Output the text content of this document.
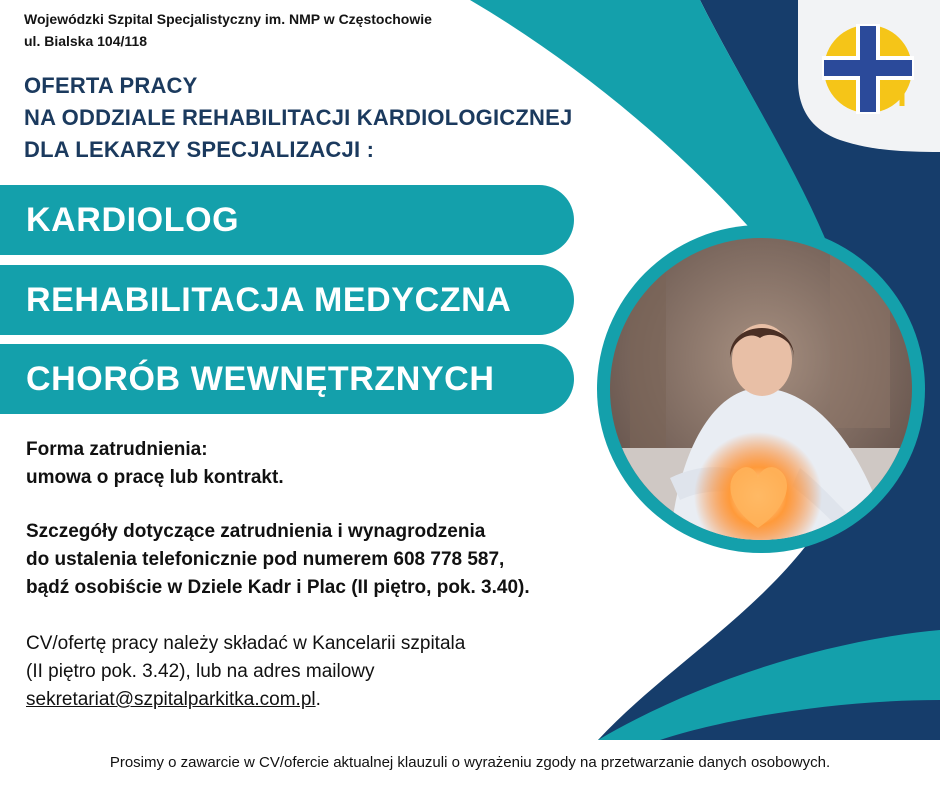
Wojewódzki Szpital Specjalistyczny im. NMP w Częstochowie
ul. Bialska 104/118
OFERTA PRACY
NA ODDZIALE REHABILITACJI KARDIOLOGICZNEJ
DLA LEKARZY SPECJALIZACJI :
KARDIOLOG
REHABILITACJA MEDYCZNA
CHORÓB WEWNĘTRZNYCH
Forma zatrudnienia:
umowa o pracę lub kontrakt.
Szczegóły dotyczące zatrudnienia i wynagrodzenia
do ustalenia telefonicznie pod numerem 608 778 587,
bądź osobiście w Dziele Kadr i Plac (II piętro, pok. 3.40).
CV/ofertę pracy należy składać w Kancelarii szpitala
(II piętro pok. 3.42), lub na adres mailowy
sekretariat@szpitalparkitka.com.pl.
Prosimy o zawarcie w CV/ofercie aktualnej klauzuli o wyrażeniu zgody na przetwarzanie danych osobowych.
